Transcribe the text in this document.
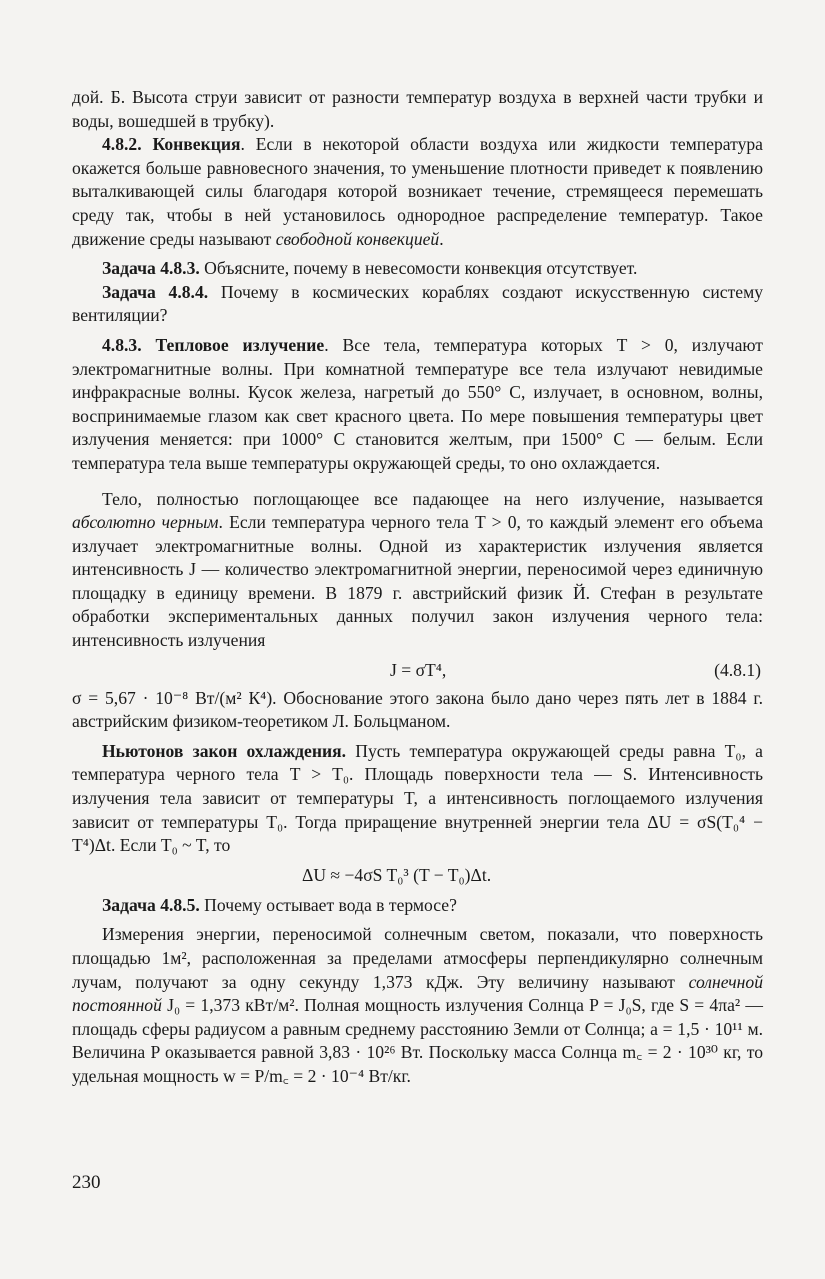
дой. Б. Высота струи зависит от разности температур воздуха в верхней части трубки и воды, вошедшей в трубку).

4.8.2. Конвекция. Если в некоторой области воздуха или жидкости температура окажется больше равновесного значения, то уменьшение плотности приведет к появлению выталкивающей силы благодаря которой возникает течение, стремящееся перемешать среду так, чтобы в ней установилось однородное распределение температур. Такое движение среды называют свободной конвекцией.

Задача 4.8.3. Объясните, почему в невесомости конвекция отсутствует.

Задача 4.8.4. Почему в космических кораблях создают искусственную систему вентиляции?

4.8.3. Тепловое излучение. Все тела, температура которых T > 0, излучают электромагнитные волны. При комнатной температуре все тела излучают невидимые инфракрасные волны. Кусок железа, нагретый до 550° С, излучает, в основном, волны, воспринимаемые глазом как свет красного цвета. По мере повышения температуры цвет излучения меняется: при 1000° С становится желтым, при 1500° С — белым. Если температура тела выше температуры окружающей среды, то оно охлаждается.

Тело, полностью поглощающее все падающее на него излучение, называется абсолютно черным. Если температура черного тела T > 0, то каждый элемент его объема излучает электромагнитные волны. Одной из характеристик излучения является интенсивность J — количество электромагнитной энергии, переносимой через единичную площадку в единицу времени. В 1879 г. австрийский физик Й. Стефан в результате обработки экспериментальных данных получил закон излучения черного тела: интенсивность излучения

J = σT⁴,	(4.8.1)

σ = 5,67 · 10⁻⁸ Вт/(м² К⁴). Обоснование этого закона было дано через пять лет в 1884 г. австрийским физиком-теоретиком Л. Больцманом.

Ньютонов закон охлаждения. Пусть температура окружающей среды равна T₀, а температура черного тела T > T₀. Площадь поверхности тела — S. Интенсивность излучения тела зависит от температуры T, а интенсивность поглощаемого излучения зависит от температуры T₀. Тогда приращение внутренней энергии тела ΔU = σS(T₀⁴ − T⁴)Δt. Если T₀ ~ T, то

ΔU ≈ −4σS T₀³ (T − T₀)Δt.

Задача 4.8.5. Почему остывает вода в термосе?

Измерения энергии, переносимой солнечным светом, показали, что поверхность площадью 1м², расположенная за пределами атмосферы перпендикулярно солнечным лучам, получают за одну секунду 1,373 кДж. Эту величину называют солнечной постоянной J₀ = 1,373 кВт/м². Полная мощность излучения Солнца P = J₀S, где S = 4πa² — площадь сферы радиусом a равным среднему расстоянию Земли от Солнца; a = 1,5 · 10¹¹ м. Величина P оказывается равной 3,83 · 10²⁶ Вт. Поскольку масса Солнца m꜀ = 2 · 10³⁰ кг, то удельная мощность w = P/m꜀ = 2 · 10⁻⁴ Вт/кг.

230
